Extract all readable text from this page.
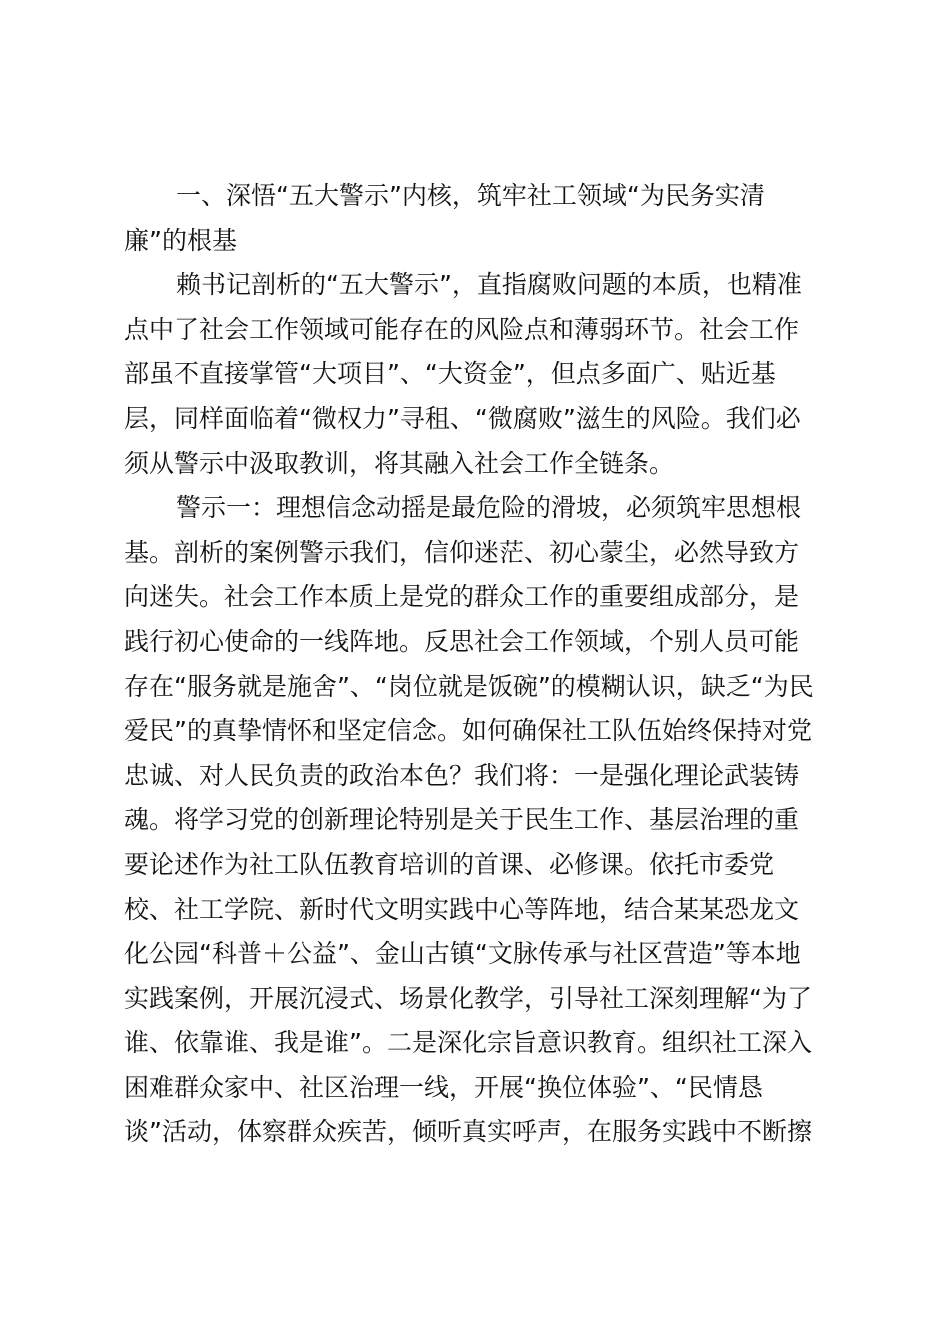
一、深悟“五大警示”内核，筑牢社工领域“为民务实清
廉”的根基
赖书记剖析的“五大警示”，直指腐败问题的本质，也精准
点中了社会工作领域可能存在的风险点和薄弱环节。社会工作
部虽不直接掌管“大项目”、“大资金”，但点多面广、贴近基
层，同样面临着“微权力”寻租、“微腐败”滋生的风险。我们必
须从警示中汲取教训，将其融入社会工作全链条。
警示一：理想信念动摇是最危险的滑坡，必须筑牢思想根
基。剖析的案例警示我们，信仰迷茫、初心蒙尘，必然导致方
向迷失。社会工作本质上是党的群众工作的重要组成部分，是
践行初心使命的一线阵地。反思社会工作领域，个别人员可能
存在“服务就是施舍”、“岗位就是饭碗”的模糊认识，缺乏“为民
爱民”的真挚情怀和坚定信念。如何确保社工队伍始终保持对党
忠诚、对人民负责的政治本色？我们将：一是强化理论武装铸
魂。将学习党的创新理论特别是关于民生工作、基层治理的重
要论述作为社工队伍教育培训的首课、必修课。依托市委党
校、社工学院、新时代文明实践中心等阵地，结合某某恐龙文
化公园“科普＋公益”、金山古镇“文脉传承与社区营造”等本地
实践案例，开展沉浸式、场景化教学，引导社工深刻理解“为了
谁、依靠谁、我是谁”。二是深化宗旨意识教育。组织社工深入
困难群众家中、社区治理一线，开展“换位体验”、“民情恳
谈”活动，体察群众疾苦，倾听真实呼声，在服务实践中不断擦
